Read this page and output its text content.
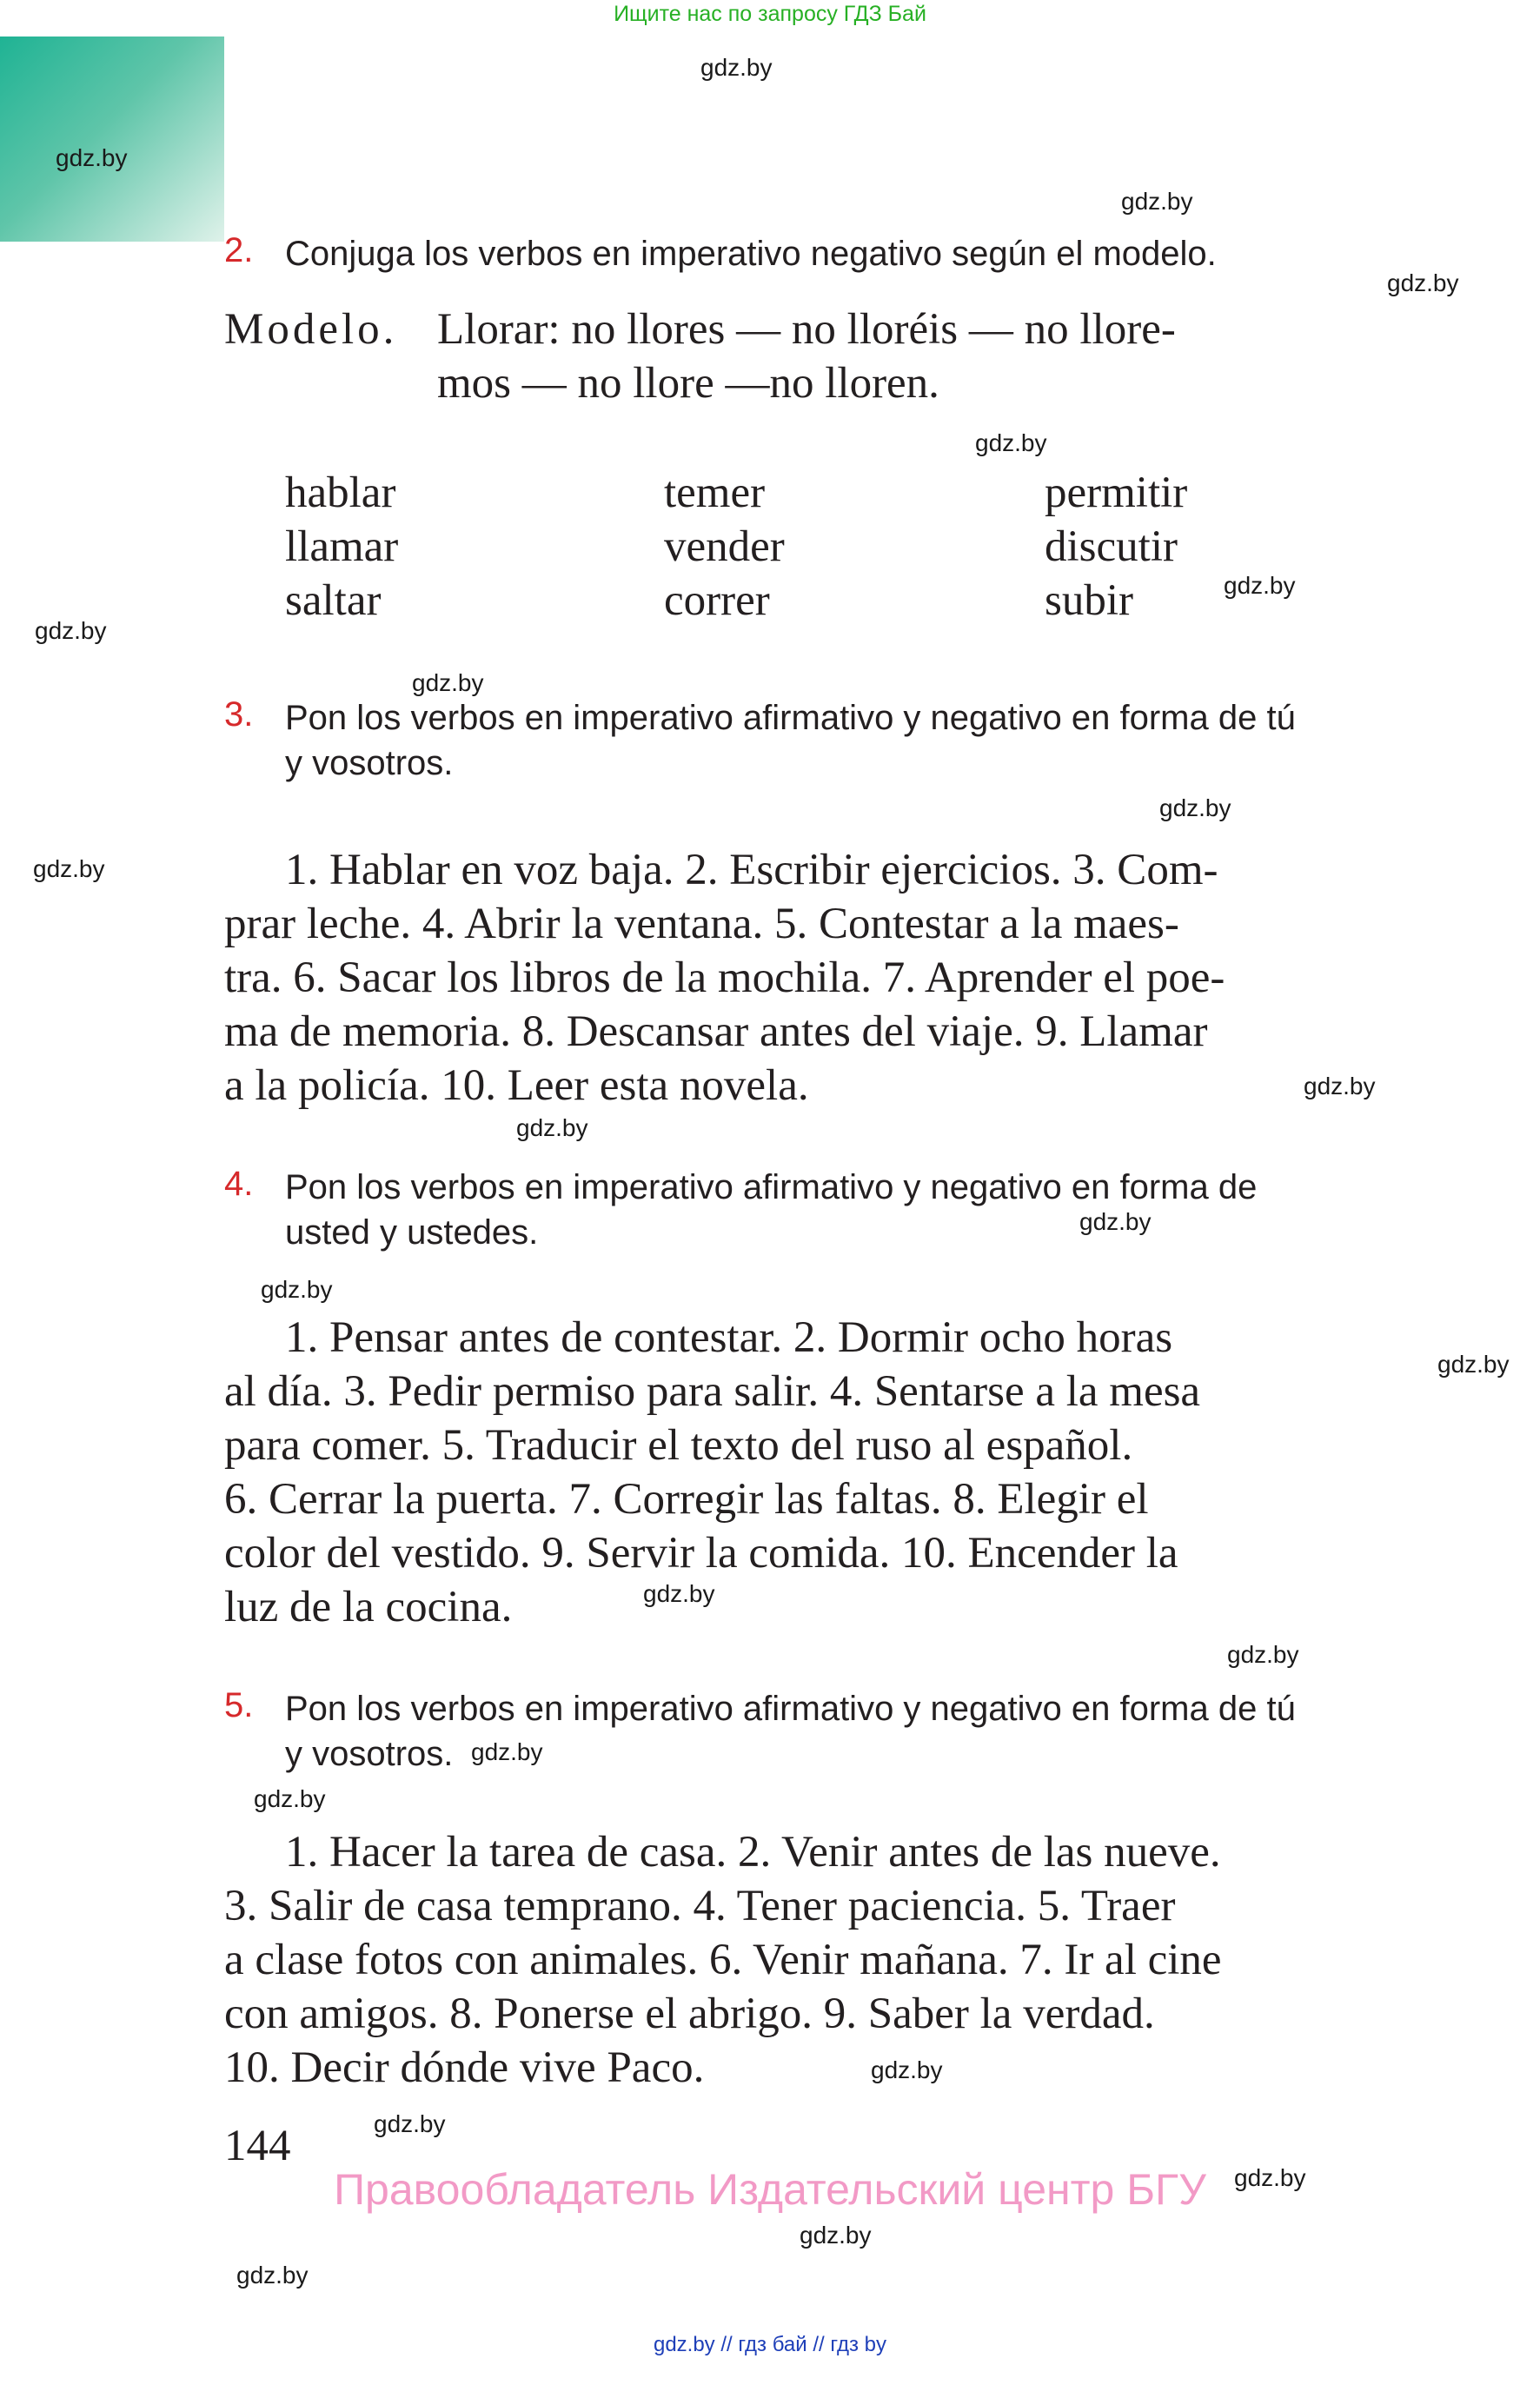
Ищите нас по запросу ГДЗ Бай
gdz.by
gdz.by
gdz.by
gdz.by
gdz.by
gdz.by
gdz.by
gdz.by
gdz.by
gdz.by
gdz.by
gdz.by
gdz.by
gdz.by
gdz.by
gdz.by
gdz.by
gdz.by
gdz.by
gdz.by
gdz.by
gdz.by
gdz.by
gdz.by
2. Conjuga los verbos en imperativo negativo según el modelo.
Modelo. Llorar: no llores — no lloréis — no llore-
mos — no llore —no lloren.
hablar
llamar
saltar
temer
vender
correr
permitir
discutir
subir
3. Pon los verbos en imperativo afirmativo y negativo en forma de tú
y vosotros.
1. Hablar en voz baja. 2. Escribir ejercicios. 3. Com-
prar leche. 4. Abrir la ventana. 5. Contestar a la maes-
tra. 6. Sacar los libros de la mochila. 7. Aprender el poe-
ma de memoria. 8. Descansar antes del viaje. 9. Llamar
a la policía. 10. Leer esta novela.
4. Pon los verbos en imperativo afirmativo y negativo en forma de
usted y ustedes.
1. Pensar antes de contestar. 2. Dormir ocho horas
al día. 3. Pedir permiso para salir. 4. Sentarse a la mesa
para comer. 5. Traducir el texto del ruso al español.
6. Cerrar la puerta. 7. Corregir las faltas. 8. Elegir el
color del vestido. 9. Servir la comida. 10. Encender la
luz de la cocina.
5. Pon los verbos en imperativo afirmativo y negativo en forma de tú
y vosotros.
1. Hacer la tarea de casa. 2. Venir antes de las nueve.
3. Salir de casa temprano. 4. Tener paciencia. 5. Traer
a clase fotos con animales. 6. Venir mañana. 7. Ir al cine
con amigos. 8. Ponerse el abrigo. 9. Saber la verdad.
10. Decir dónde vive Paco.
144
Правообладатель Издательский центр БГУ
gdz.by // гдз бай // гдз by
